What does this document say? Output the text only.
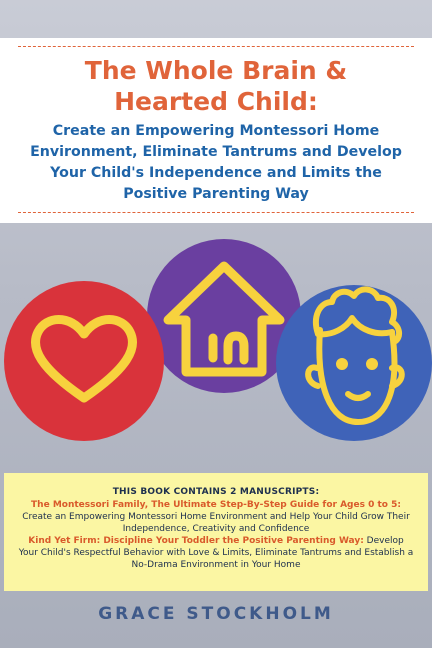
The Whole Brain &
Hearted Child:

Create an Empowering Montessori Home Environment, Eliminate Tantrums and Develop Your Child's Independence and Limits the Positive Parenting Way

THIS BOOK CONTAINS 2 MANUSCRIPTS:
The Montessori Family, The Ultimate Step-By-Step Guide for Ages 0 to 5: Create an Empowering Montessori Home Environment and Help Your Child Grow Their Independence, Creativity and Confidence
Kind Yet Firm: Discipline Your Toddler the Positive Parenting Way: Develop Your Child's Respectful Behavior with Love & Limits, Eliminate Tantrums and Establish a No-Drama Environment in Your Home
GRACE STOCKHOLM
